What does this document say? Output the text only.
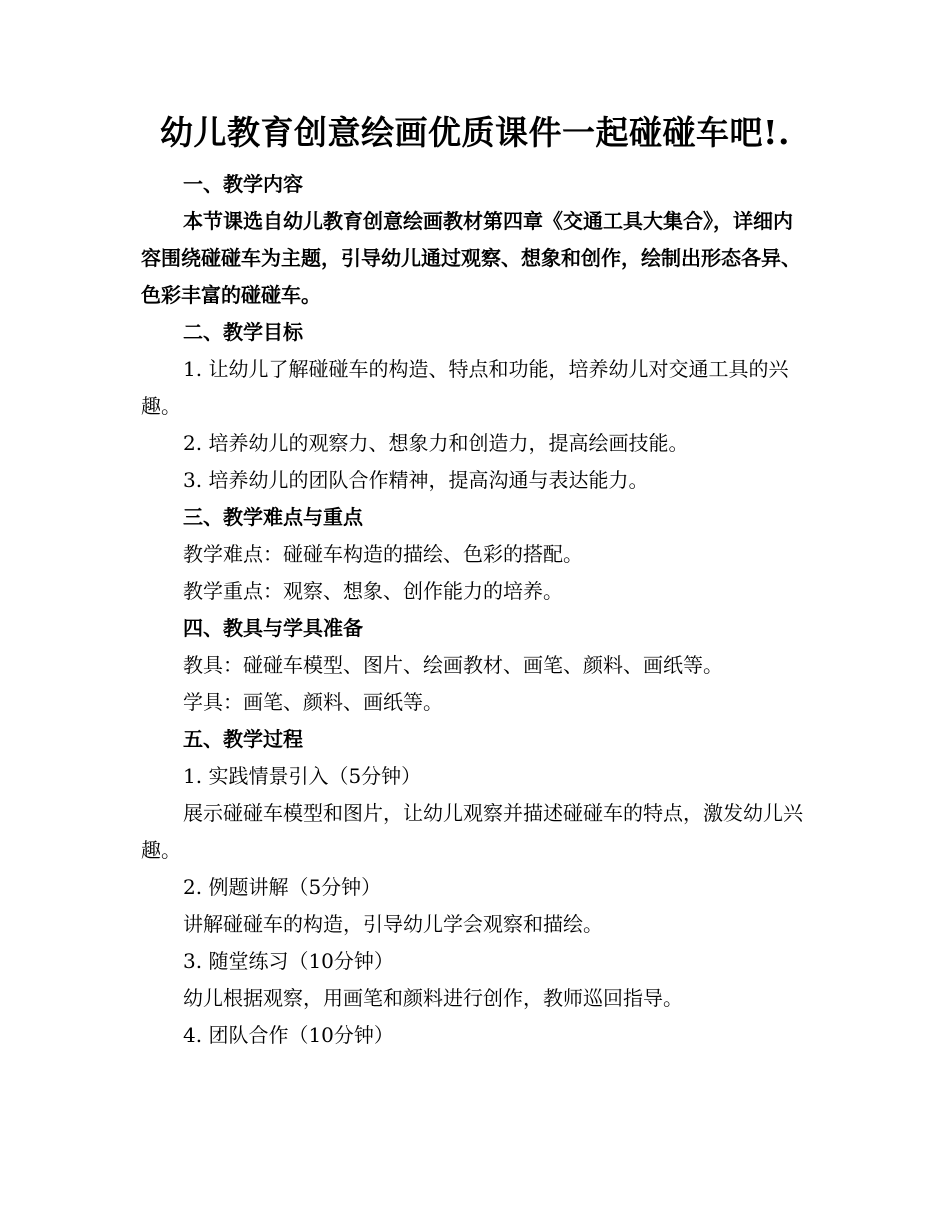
幼儿教育创意绘画优质课件一起碰碰车吧!.

一、教学内容

本节课选自幼儿教育创意绘画教材第四章《交通工具大集合》，详细内容围绕碰碰车为主题，引导幼儿通过观察、想象和创作，绘制出形态各异、色彩丰富的碰碰车。

二、教学目标

1. 让幼儿了解碰碰车的构造、特点和功能，培养幼儿对交通工具的兴趣。

2. 培养幼儿的观察力、想象力和创造力，提高绘画技能。

3. 培养幼儿的团队合作精神，提高沟通与表达能力。

三、教学难点与重点

教学难点：碰碰车构造的描绘、色彩的搭配。

教学重点：观察、想象、创作能力的培养。

四、教具与学具准备

教具：碰碰车模型、图片、绘画教材、画笔、颜料、画纸等。

学具：画笔、颜料、画纸等。

五、教学过程

1. 实践情景引入（5分钟）

展示碰碰车模型和图片，让幼儿观察并描述碰碰车的特点，激发幼儿兴趣。

2. 例题讲解（5分钟）

讲解碰碰车的构造，引导幼儿学会观察和描绘。

3. 随堂练习（10分钟）

幼儿根据观察，用画笔和颜料进行创作，教师巡回指导。

4. 团队合作（10分钟）
